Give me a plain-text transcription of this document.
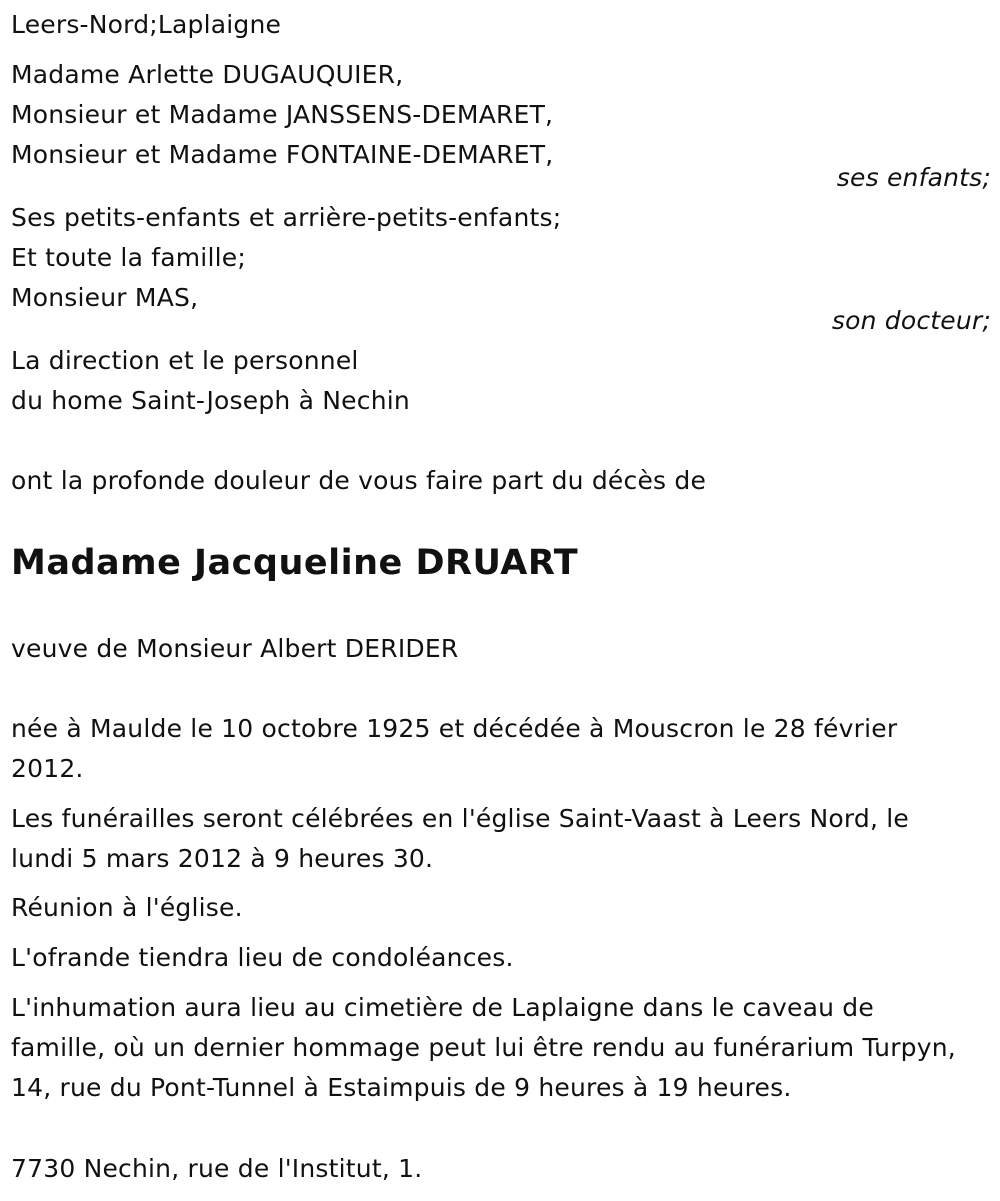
Leers-Nord;Laplaigne
Madame Arlette DUGAUQUIER,
Monsieur et Madame JANSSENS-DEMARET,
Monsieur et Madame FONTAINE-DEMARET,
ses enfants;
Ses petits-enfants et arrière-petits-enfants;
Et toute la famille;
Monsieur MAS,
son docteur;
La direction et le personnel
du home Saint-Joseph à Nechin
ont la profonde douleur de vous faire part du décès de
Madame Jacqueline DRUART
veuve de Monsieur Albert DERIDER
née à Maulde le 10 octobre 1925 et décédée à Mouscron le 28 février 2012.
Les funérailles seront célébrées en l'église Saint-Vaast à Leers Nord, le lundi 5 mars 2012 à 9 heures 30.
Réunion à l'église.
L'ofrande tiendra lieu de condoléances.
L'inhumation aura lieu au cimetière de Laplaigne dans le caveau de famille, où un dernier hommage peut lui être rendu au funérarium Turpyn, 14, rue du Pont-Tunnel à Estaimpuis de 9 heures à 19 heures.
7730 Nechin, rue de l'Institut, 1.
